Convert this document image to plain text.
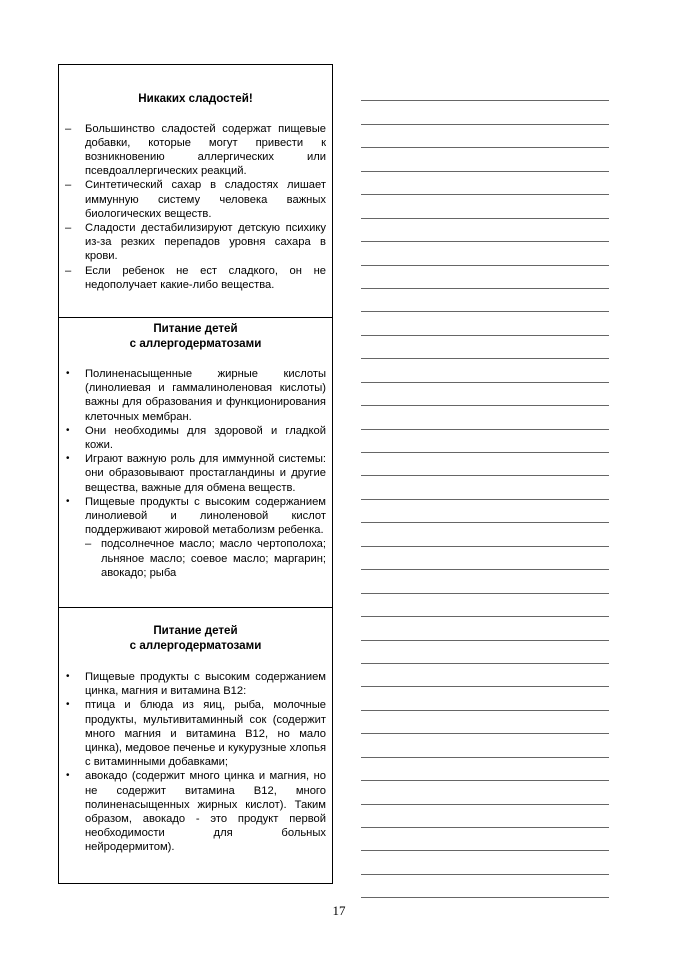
Никаких сладостей!
– Большинство сладостей содержат пищевые добавки, которые могут привести к возникновению аллергических или псевдоаллергических реакций.
– Синтетический сахар в сладостях лишает иммунную систему человека важных биологических веществ.
– Сладости дестабилизируют детскую психику из-за резких перепадов уровня сахара в крови.
– Если ребенок не ест сладкого, он не недополучает какие-либо вещества.
Питание детей
с аллергодерматозами
• Полиненасыщенные жирные кислоты (линолиевая и гаммалиноленовая кислоты) важны для образования и функционирования клеточных мембран.
• Они необходимы для здоровой и гладкой кожи.
• Играют важную роль для иммунной системы: они образовывают простагландины и другие вещества, важные для обмена веществ.
• Пищевые продукты с высоким содержанием линолиевой и линоленовой кислот поддерживают жировой метаболизм ребенка.
– подсолнечное масло; масло чертополоха; льняное масло; соевое масло; маргарин; авокадо; рыба
Питание детей
с аллергодерматозами
• Пищевые продукты с высоким содержанием цинка, магния и витамина В12:
• птица и блюда из яиц, рыба, молочные продукты, мультивитаминный сок (содержит много магния и витамина В12, но мало цинка), медовое печенье и кукурузные хлопья с витаминными добавками;
• авокадо (содержит много цинка и магния, но не содержит витамина В12, много полиненасыщенных жирных кислот). Таким образом, авокадо - это продукт первой необходимости для больных нейродермитом).
17
